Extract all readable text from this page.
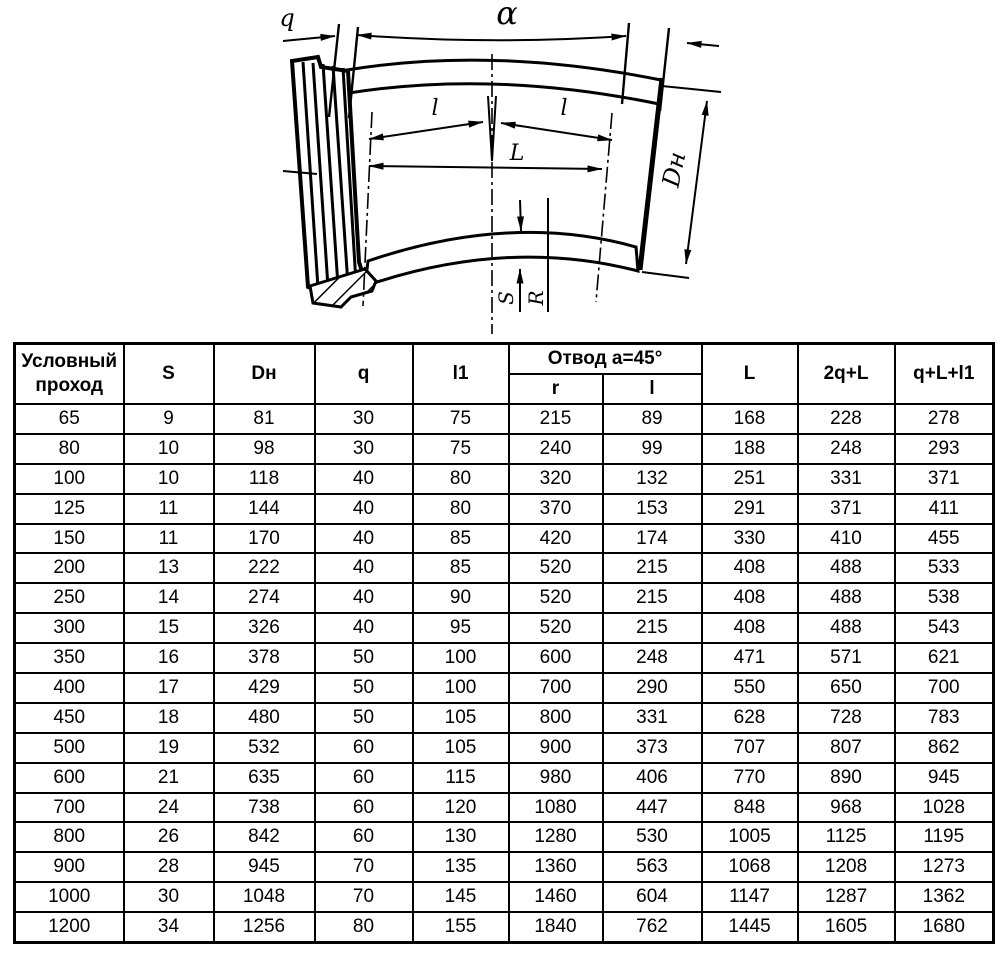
q	α
l	l
L	Dн
S R
Условный
проход	S	Dн	q	l1	Отвод a=45°		L	2q+L	q+L+l1
					r	l			
65	9	81	30	75	215	89	168	228	278
80	10	98	30	75	240	99	188	248	293
100	10	118	40	80	320	132	251	331	371
125	11	144	40	80	370	153	291	371	411
150	11	170	40	85	420	174	330	410	455
200	13	222	40	85	520	215	408	488	533
250	14	274	40	90	520	215	408	488	538
300	15	326	40	95	520	215	408	488	543
350	16	378	50	100	600	248	471	571	621
400	17	429	50	100	700	290	550	650	700
450	18	480	50	105	800	331	628	728	783
500	19	532	60	105	900	373	707	807	862
600	21	635	60	115	980	406	770	890	945
700	24	738	60	120	1080	447	848	968	1028
800	26	842	60	130	1280	530	1005	1125	1195
900	28	945	70	135	1360	563	1068	1208	1273
1000	30	1048	70	145	1460	604	1147	1287	1362
1200	34	1256	80	155	1840	762	1445	1605	1680
